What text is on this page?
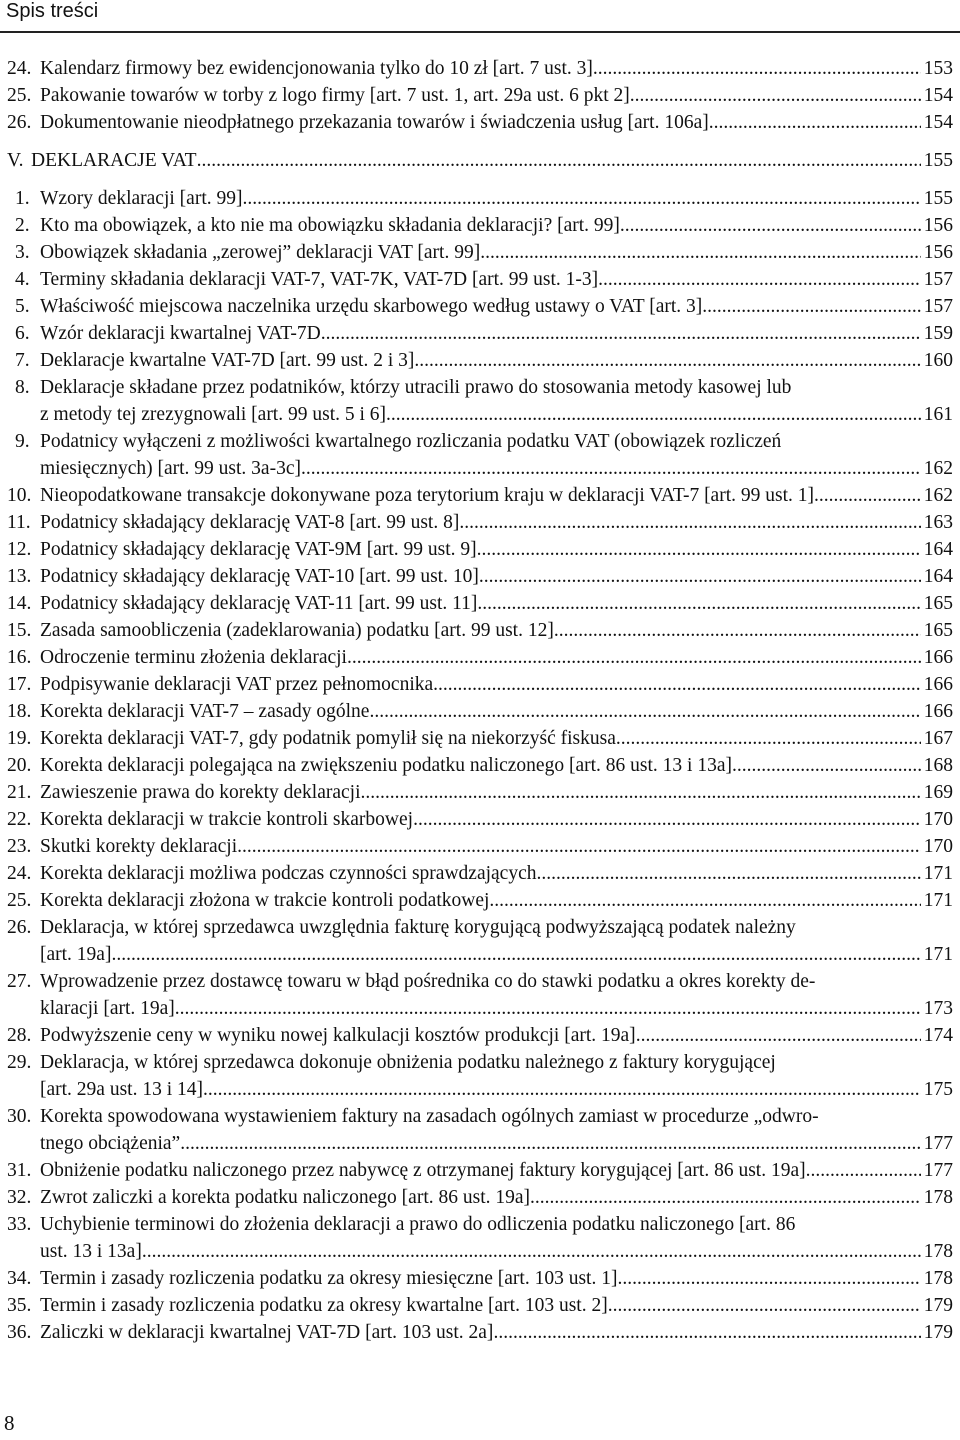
Spis treści
24. Kalendarz firmowy bez ewidencjonowania tylko do 10 zł [art. 7 ust. 3] .....	153
25. Pakowanie towarów w torby z logo firmy [art. 7 ust. 1, art. 29a ust. 6 pkt 2] .....	154
26. Dokumentowanie nieodpłatnego przekazania towarów i świadczenia usług [art. 106a] .....	154
V. DEKLARACJE VAT .....	155
1. Wzory deklaracji [art. 99] .....	155
2. Kto ma obowiązek, a kto nie ma obowiązku składania deklaracji? [art. 99] .....	156
3. Obowiązek składania „zerowej” deklaracji VAT [art. 99] .....	156
4. Terminy składania deklaracji VAT-7, VAT-7K, VAT-7D [art. 99 ust. 1-3] .....	157
5. Właściwość miejscowa naczelnika urzędu skarbowego według ustawy o VAT [art. 3] .....	157
6. Wzór deklaracji kwartalnej VAT-7D .....	159
7. Deklaracje kwartalne VAT-7D [art. 99 ust. 2 i 3] .....	160
8. Deklaracje składane przez podatników, którzy utracili prawo do stosowania metody kasowej lub
z metody tej zrezygnowali [art. 99 ust. 5 i 6] .....	161
9. Podatnicy wyłączeni z możliwości kwartalnego rozliczania podatku VAT (obowiązek rozliczeń
miesięcznych) [art. 99 ust. 3a-3c] .....	162
10. Nieopodatkowane transakcje dokonywane poza terytorium kraju w deklaracji VAT-7 [art. 99 ust. 1] .....	162
11. Podatnicy składający deklarację VAT-8 [art. 99 ust. 8] .....	163
12. Podatnicy składający deklarację VAT-9M [art. 99 ust. 9] .....	164
13. Podatnicy składający deklarację VAT-10 [art. 99 ust. 10] .....	164
14. Podatnicy składający deklarację VAT-11 [art. 99 ust. 11] .....	165
15. Zasada samoobliczenia (zadeklarowania) podatku [art. 99 ust. 12] .....	165
16. Odroczenie terminu złożenia deklaracji .....	166
17. Podpisywanie deklaracji VAT przez pełnomocnika .....	166
18. Korekta deklaracji VAT-7 – zasady ogólne .....	166
19. Korekta deklaracji VAT-7, gdy podatnik pomylił się na niekorzyść fiskusa .....	167
20. Korekta deklaracji polegająca na zwiększeniu podatku naliczonego [art. 86 ust. 13 i 13a] .....	168
21. Zawieszenie prawa do korekty deklaracji .....	169
22. Korekta deklaracji w trakcie kontroli skarbowej .....	170
23. Skutki korekty deklaracji .....	170
24. Korekta deklaracji możliwa podczas czynności sprawdzających .....	171
25. Korekta deklaracji złożona w trakcie kontroli podatkowej .....	171
26. Deklaracja, w której sprzedawca uwzględnia fakturę korygującą podwyższającą podatek należny
[art. 19a] .....	171
27. Wprowadzenie przez dostawcę towaru w błąd pośrednika co do stawki podatku a okres korekty de-
klaracji [art. 19a] .....	173
28. Podwyższenie ceny w wyniku nowej kalkulacji kosztów produkcji [art. 19a] .....	174
29. Deklaracja, w której sprzedawca dokonuje obniżenia podatku należnego z faktury korygującej
[art. 29a ust. 13 i 14] .....	175
30. Korekta spowodowana wystawieniem faktury na zasadach ogólnych zamiast w procedurze „odwro-
tnego obciążenia” .....	177
31. Obniżenie podatku naliczonego przez nabywcę z otrzymanej faktury korygującej [art. 86 ust. 19a] .....	177
32. Zwrot zaliczki a korekta podatku naliczonego [art. 86 ust. 19a] .....	178
33. Uchybienie terminowi do złożenia deklaracji a prawo do odliczenia podatku naliczonego [art. 86
ust. 13 i 13a] .....	178
34. Termin i zasady rozliczenia podatku za okresy miesięczne [art. 103 ust. 1] .....	178
35. Termin i zasady rozliczenia podatku za okresy kwartalne [art. 103 ust. 2] .....	179
36. Zaliczki w deklaracji kwartalnej VAT-7D [art. 103 ust. 2a] .....	179
8
